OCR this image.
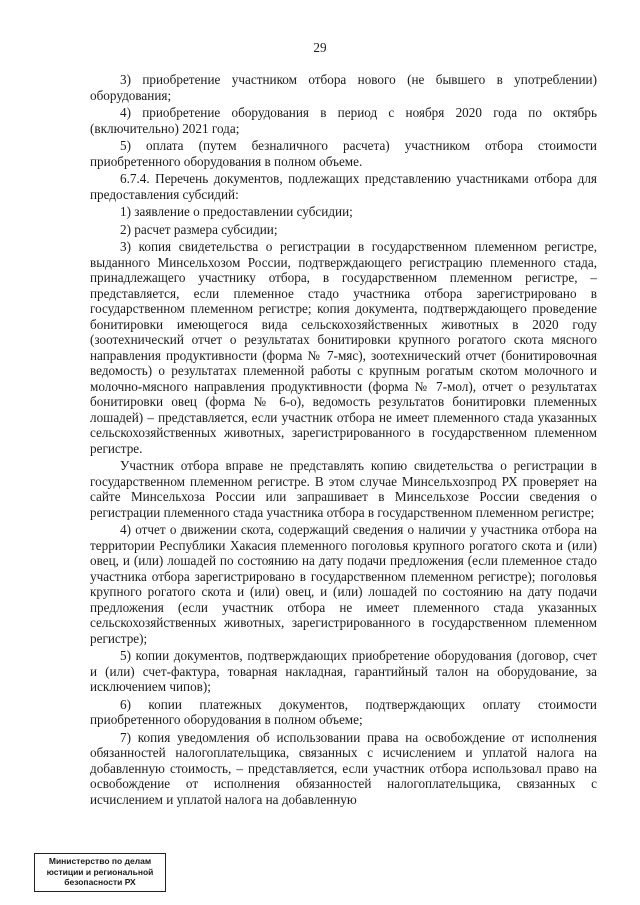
29

3) приобретение участником отбора нового (не бывшего в употреблении) оборудования;

4) приобретение оборудования в период с ноября 2020 года по октябрь (включительно) 2021 года;

5) оплата (путем безналичного расчета) участником отбора стоимости приобретенного оборудования в полном объеме.

6.7.4. Перечень документов, подлежащих представлению участниками отбора для предоставления субсидий:

1) заявление о предоставлении субсидии;

2) расчет размера субсидии;

3) копия свидетельства о регистрации в государственном племенном регистре, выданного Минсельхозом России, подтверждающего регистрацию племенного стада, принадлежащего участнику отбора, в государственном племенном регистре, – представляется, если племенное стадо участника отбора зарегистрировано в государственном племенном регистре; копия документа, подтверждающего проведение бонитировки имеющегося вида сельскохозяйственных животных в 2020 году (зоотехнический отчет о результатах бонитировки крупного рогатого скота мясного направления продуктивности (форма № 7-мяс), зоотехнический отчет (бонитировочная ведомость) о результатах племенной работы с крупным рогатым скотом молочного и молочно-мясного направления продуктивности (форма № 7-мол), отчет о результатах бонитировки овец (форма № 6-о), ведомость результатов бонитировки племенных лошадей) – представляется, если участник отбора не имеет племенного стада указанных сельскохозяйственных животных, зарегистрированного в государственном племенном регистре.

Участник отбора вправе не представлять копию свидетельства о регистрации в государственном племенном регистре. В этом случае Минсельхозпрод РХ проверяет на сайте Минсельхоза России или запрашивает в Минсельхозе России сведения о регистрации племенного стада участника отбора в государственном племенном регистре;

4) отчет о движении скота, содержащий сведения о наличии у участника отбора на территории Республики Хакасия племенного поголовья крупного рогатого скота и (или) овец, и (или) лошадей по состоянию на дату подачи предложения (если племенное стадо участника отбора зарегистрировано в государственном племенном регистре); поголовья крупного рогатого скота и (или) овец, и (или) лошадей по состоянию на дату подачи предложения (если участник отбора не имеет племенного стада указанных сельскохозяйственных животных, зарегистрированного в государственном племенном регистре);

5) копии документов, подтверждающих приобретение оборудования (договор, счет и (или) счет-фактура, товарная накладная, гарантийный талон на оборудование, за исключением чипов);

6) копии платежных документов, подтверждающих оплату стоимости приобретенного оборудования в полном объеме;

7) копия уведомления об использовании права на освобождение от исполнения обязанностей налогоплательщика, связанных с исчислением и уплатой налога на добавленную стоимость, – представляется, если участник отбора использовал право на освобождение от исполнения обязанностей налогоплательщика, связанных с исчислением и уплатой налога на добавленную

Министерство по делам
юстиции и региональной
безопасности РХ
